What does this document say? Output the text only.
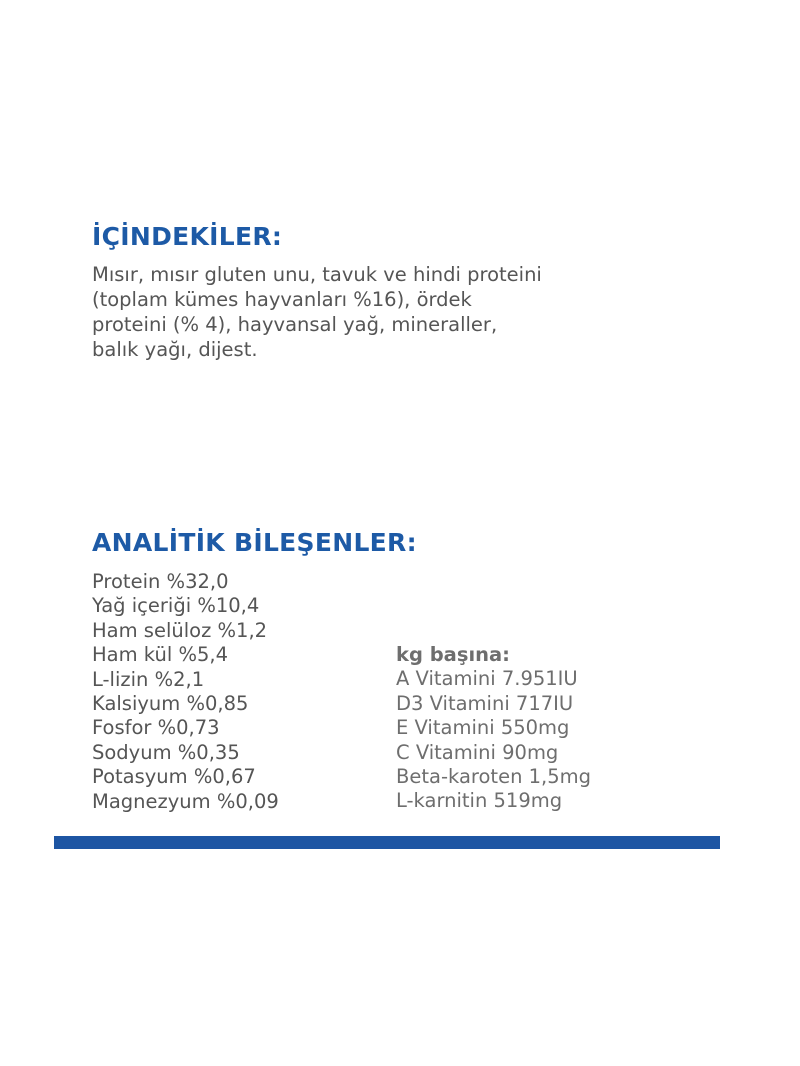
İÇİNDEKİLER:

Mısır, mısır gluten unu, tavuk ve hindi proteini
(toplam kümes hayvanları %16), ördek
proteini (% 4), hayvansal yağ, mineraller,
balık yağı, dijest.

ANALİTİK BİLEŞENLER:
Protein %32,0
Yağ içeriği %10,4
Ham selüloz %1,2
Ham kül %5,4
L-lizin %2,1
Kalsiyum %0,85
Fosfor %0,73
Sodyum %0,35
Potasyum %0,67
Magnezyum %0,09
kg başına:
A Vitamini 7.951IU
D3 Vitamini 717IU
E Vitamini 550mg
C Vitamini 90mg
Beta-karoten 1,5mg
L-karnitin 519mg
